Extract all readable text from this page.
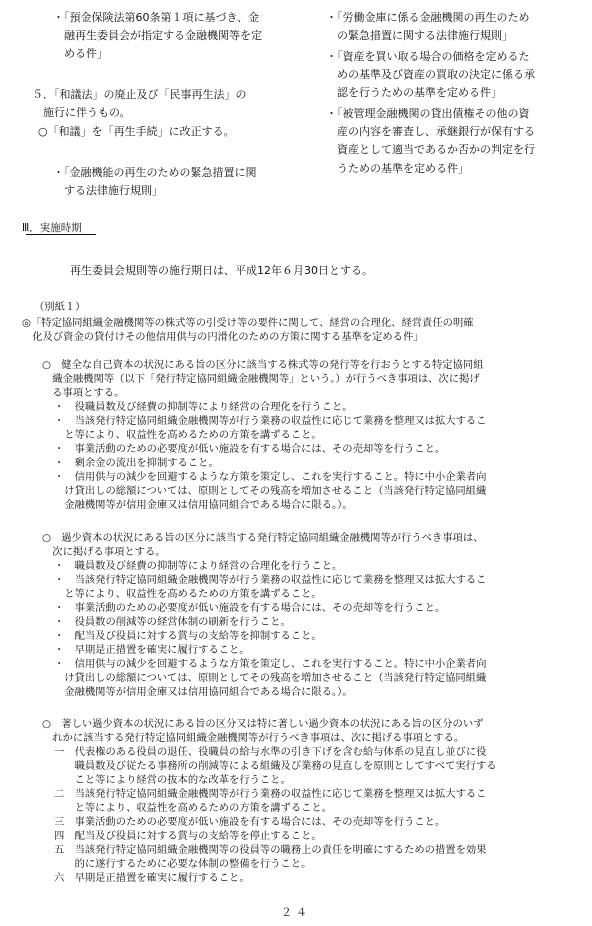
・「預金保険法第60条第１項に基づき、金
　融再生委員会が指定する金融機関等を定
　める件」
５．「和議法」の廃止及び「民事再生法」の
　施行に伴うもの。
○「和議」を「再生手続」に改正する。
・「金融機能の再生のための緊急措置に関
　する法律施行規則」
・「労働金庫に係る金融機関の再生のため
　の緊急措置に関する法律施行規則」
・「資産を買い取る場合の価格を定めるた
　めの基準及び資産の買取の決定に係る承
　認を行うための基準を定める件」
・「被管理金融機関の貸出債権その他の資
　産の内容を審査し、承継銀行が保有する
　資産として適当であるか否かの判定を行
　うための基準を定める件」
Ⅲ．実施時期
再生委員会規則等の施行期日は、平成12年６月30日とする。
（別紙１）
◎「特定協同組織金融機関等の株式等の引受け等の要件に関して、経営の合理化、経営責任の明確
　化及び資金の貸付けその他信用供与の円滑化のための方策に関する基準を定める件」
○　健全な自己資本の状況にある旨の区分に該当する株式等の発行等を行おうとする特定協同組
　織金融機関等（以下「発行特定協同組織金融機関等」という。）が行うべき事項は、次に掲げ
　る事項とする。
・　役職員数及び経費の抑制等により経営の合理化を行うこと。
・　当該発行特定協同組織金融機関等が行う業務の収益性に応じて業務を整理又は拡大するこ
　と等により、収益性を高めるための方策を講ずること。
・　事業活動のための必要度が低い施設を有する場合には、その売却等を行うこと。
・　剰余金の流出を抑制すること。
・　信用供与の減少を回避するような方策を策定し、これを実行すること。特に中小企業者向
　け貸出しの総額については、原則としてその残高を増加させること（当該発行特定協同組織
　金融機関等が信用金庫又は信用協同組合である場合に限る。）。
○　過少資本の状況にある旨の区分に該当する発行特定協同組織金融機関等が行うべき事項は、
　次に掲げる事項とする。
・　職員数及び経費の抑制等により経営の合理化を行うこと。
・　当該発行特定協同組織金融機関等が行う業務の収益性に応じて業務を整理又は拡大するこ
　と等により、収益性を高めるための方策を講ずること。
・　事業活動のための必要度が低い施設を有する場合には、その売却等を行うこと。
・　役員数の削減等の経営体制の刷新を行うこと。
・　配当及び役員に対する賞与の支給等を抑制すること。
・　早期是正措置を確実に履行すること。
・　信用供与の減少を回避するような方策を策定し、これを実行すること。特に中小企業者向
　け貸出しの総額については、原則としてその残高を増加させること（当該発行特定協同組織
　金融機関等が信用金庫又は信用協同組合である場合に限る。）。
○　著しい過少資本の状況にある旨の区分又は特に著しい過少資本の状況にある旨の区分のいず
　れかに該当する発行特定協同組織金融機関等が行うべき事項は、次に掲げる事項とする。
一　代表権のある役員の退任、役職員の給与水準の引き下げを含む給与体系の見直し並びに役
　　職員数及び従たる事務所の削減等による組織及び業務の見直しを原則としてすべて実行する
　　こと等により経営の抜本的な改革を行うこと。
二　当該発行特定協同組織金融機関等が行う業務の収益性に応じて業務を整理又は拡大するこ
　　と等により、収益性を高めるための方策を講ずること。
三　事業活動のための必要度が低い施設を有する場合には、その売却等を行うこと。
四　配当及び役員に対する賞与の支給等を停止すること。
五　当該発行特定協同組織金融機関等の役員等の職務上の責任を明確にするための措置を効果
　　的に遂行するために必要な体制の整備を行うこと。
六　早期是正措置を確実に履行すること。
２４
